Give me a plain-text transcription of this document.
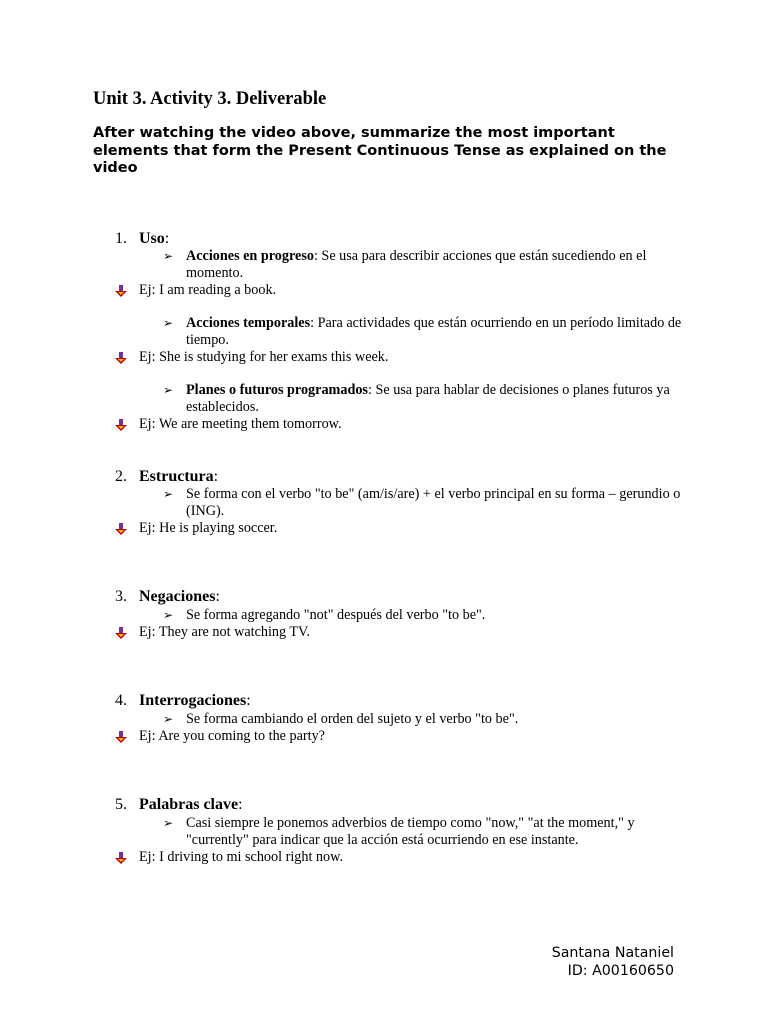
Unit 3. Activity 3. Deliverable

After watching the video above, summarize the most important elements that form the Present Continuous Tense as explained on the video

1. Uso:

➢ Acciones en progreso: Se usa para describir acciones que están sucediendo en el momento.
Ej: I am reading a book.
➢ Acciones temporales: Para actividades que están ocurriendo en un período limitado de tiempo.
Ej: She is studying for her exams this week.
➢ Planes o futuros programados: Se usa para hablar de decisiones o planes futuros ya establecidos.
Ej: We are meeting them tomorrow.

2. Estructura:

➢ Se forma con el verbo "to be" (am/is/are) + el verbo principal en su forma – gerundio o (ING).
Ej: He is playing soccer.

3. Negaciones:

➢ Se forma agregando "not" después del verbo "to be".
Ej: They are not watching TV.

4. Interrogaciones:

➢ Se forma cambiando el orden del sujeto y el verbo "to be".
Ej: Are you coming to the party?

5. Palabras clave:

➢ Casi siempre le ponemos adverbios de tiempo como "now," "at the moment," y "currently" para indicar que la acción está ocurriendo en ese instante.
Ej: I driving to mi school right now.
Santana Nataniel
ID: A00160650
